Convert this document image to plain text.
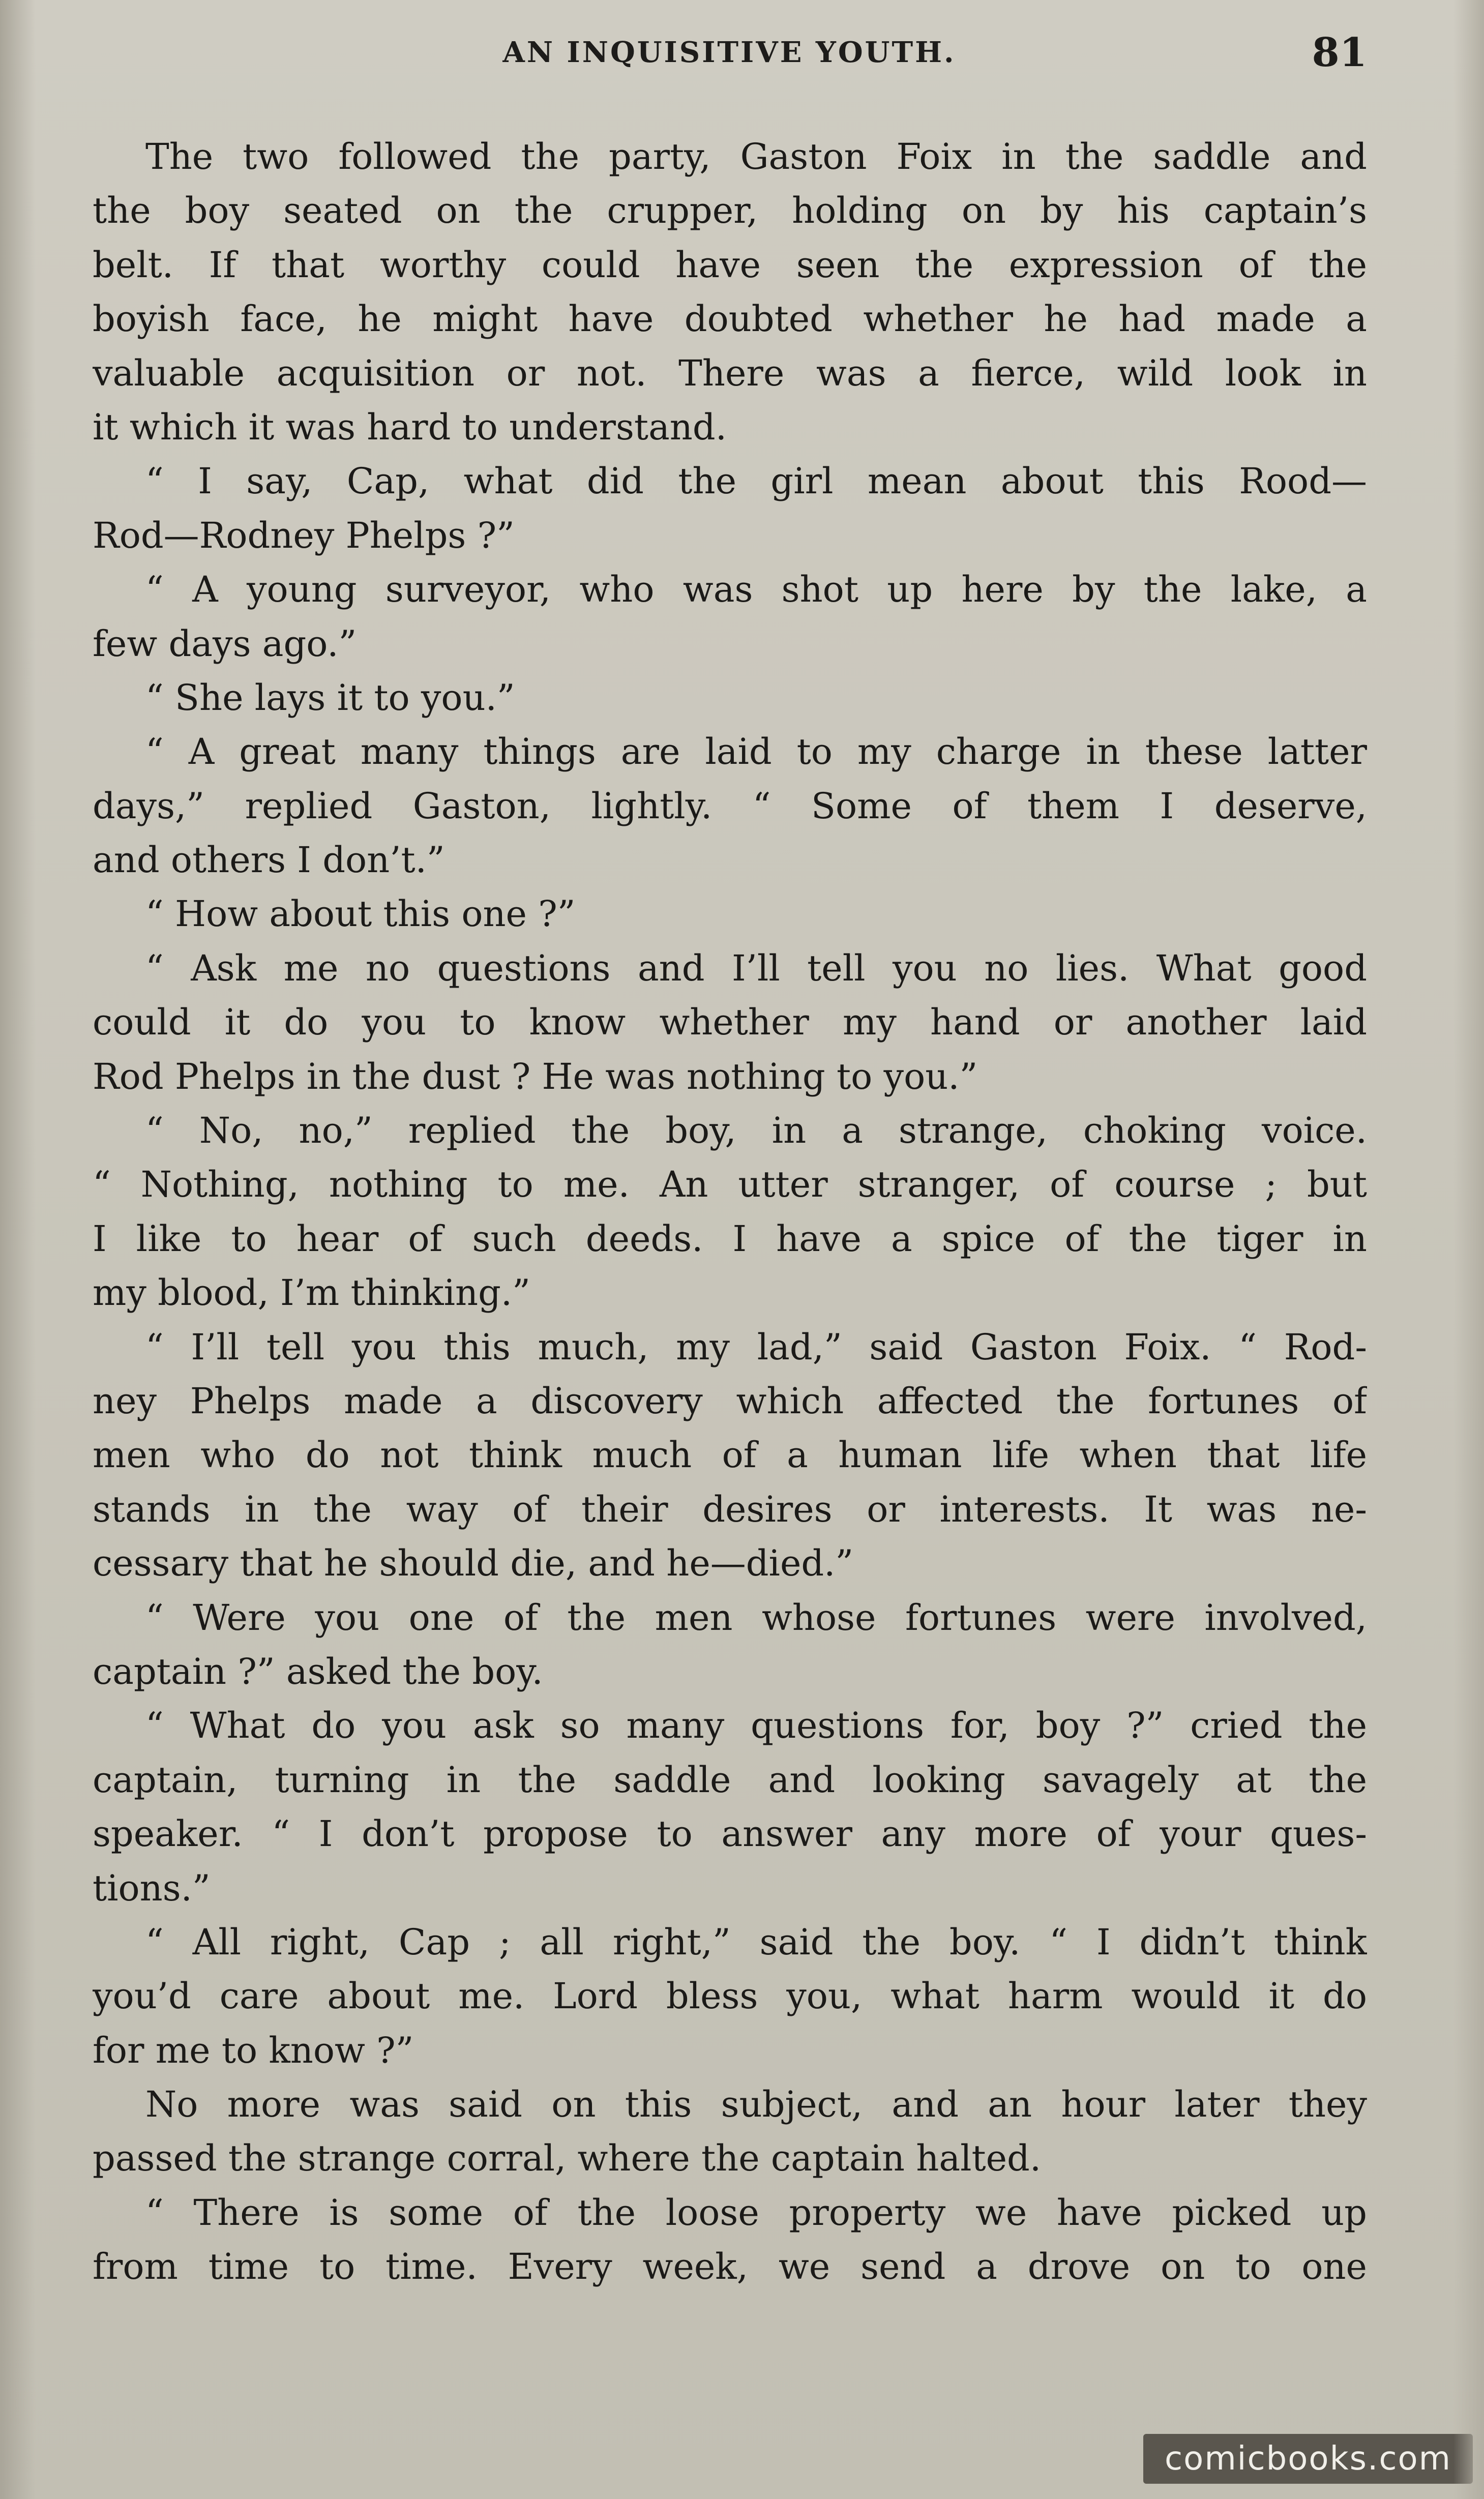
AN INQUISITIVE YOUTH.	81
The two followed the party, Gaston Foix in the saddle and
the boy seated on the crupper, holding on by his captain’s
belt. If that worthy could have seen the expression of the
boyish face, he might have doubted whether he had made a
valuable acquisition or not. There was a fierce, wild look in
it which it was hard to understand.
“ I say, Cap, what did the girl mean about this Rood—
Rod—Rodney Phelps ?”
“ A young surveyor, who was shot up here by the lake, a
few days ago.”
“ She lays it to you.”
“ A great many things are laid to my charge in these latter
days,” replied Gaston, lightly. “ Some of them I deserve,
and others I don’t.”
“ How about this one ?”
“ Ask me no questions and I’ll tell you no lies. What good
could it do you to know whether my hand or another laid
Rod Phelps in the dust ? He was nothing to you.”
“ No, no,” replied the boy, in a strange, choking voice.
“ Nothing, nothing to me. An utter stranger, of course ; but
I like to hear of such deeds. I have a spice of the tiger in
my blood, I’m thinking.”
“ I’ll tell you this much, my lad,” said Gaston Foix. “ Rod-
ney Phelps made a discovery which affected the fortunes of
men who do not think much of a human life when that life
stands in the way of their desires or interests. It was ne-
cessary that he should die, and he—died.”
“ Were you one of the men whose fortunes were involved,
captain ?” asked the boy.
“ What do you ask so many questions for, boy ?” cried the
captain, turning in the saddle and looking savagely at the
speaker. “ I don’t propose to answer any more of your ques-
tions.”
“ All right, Cap ; all right,” said the boy. “ I didn’t think
you’d care about me. Lord bless you, what harm would it do
for me to know ?”
No more was said on this subject, and an hour later they
passed the strange corral, where the captain halted.
“ There is some of the loose property we have picked up
from time to time. Every week, we send a drove on to one
comicbooks.com
